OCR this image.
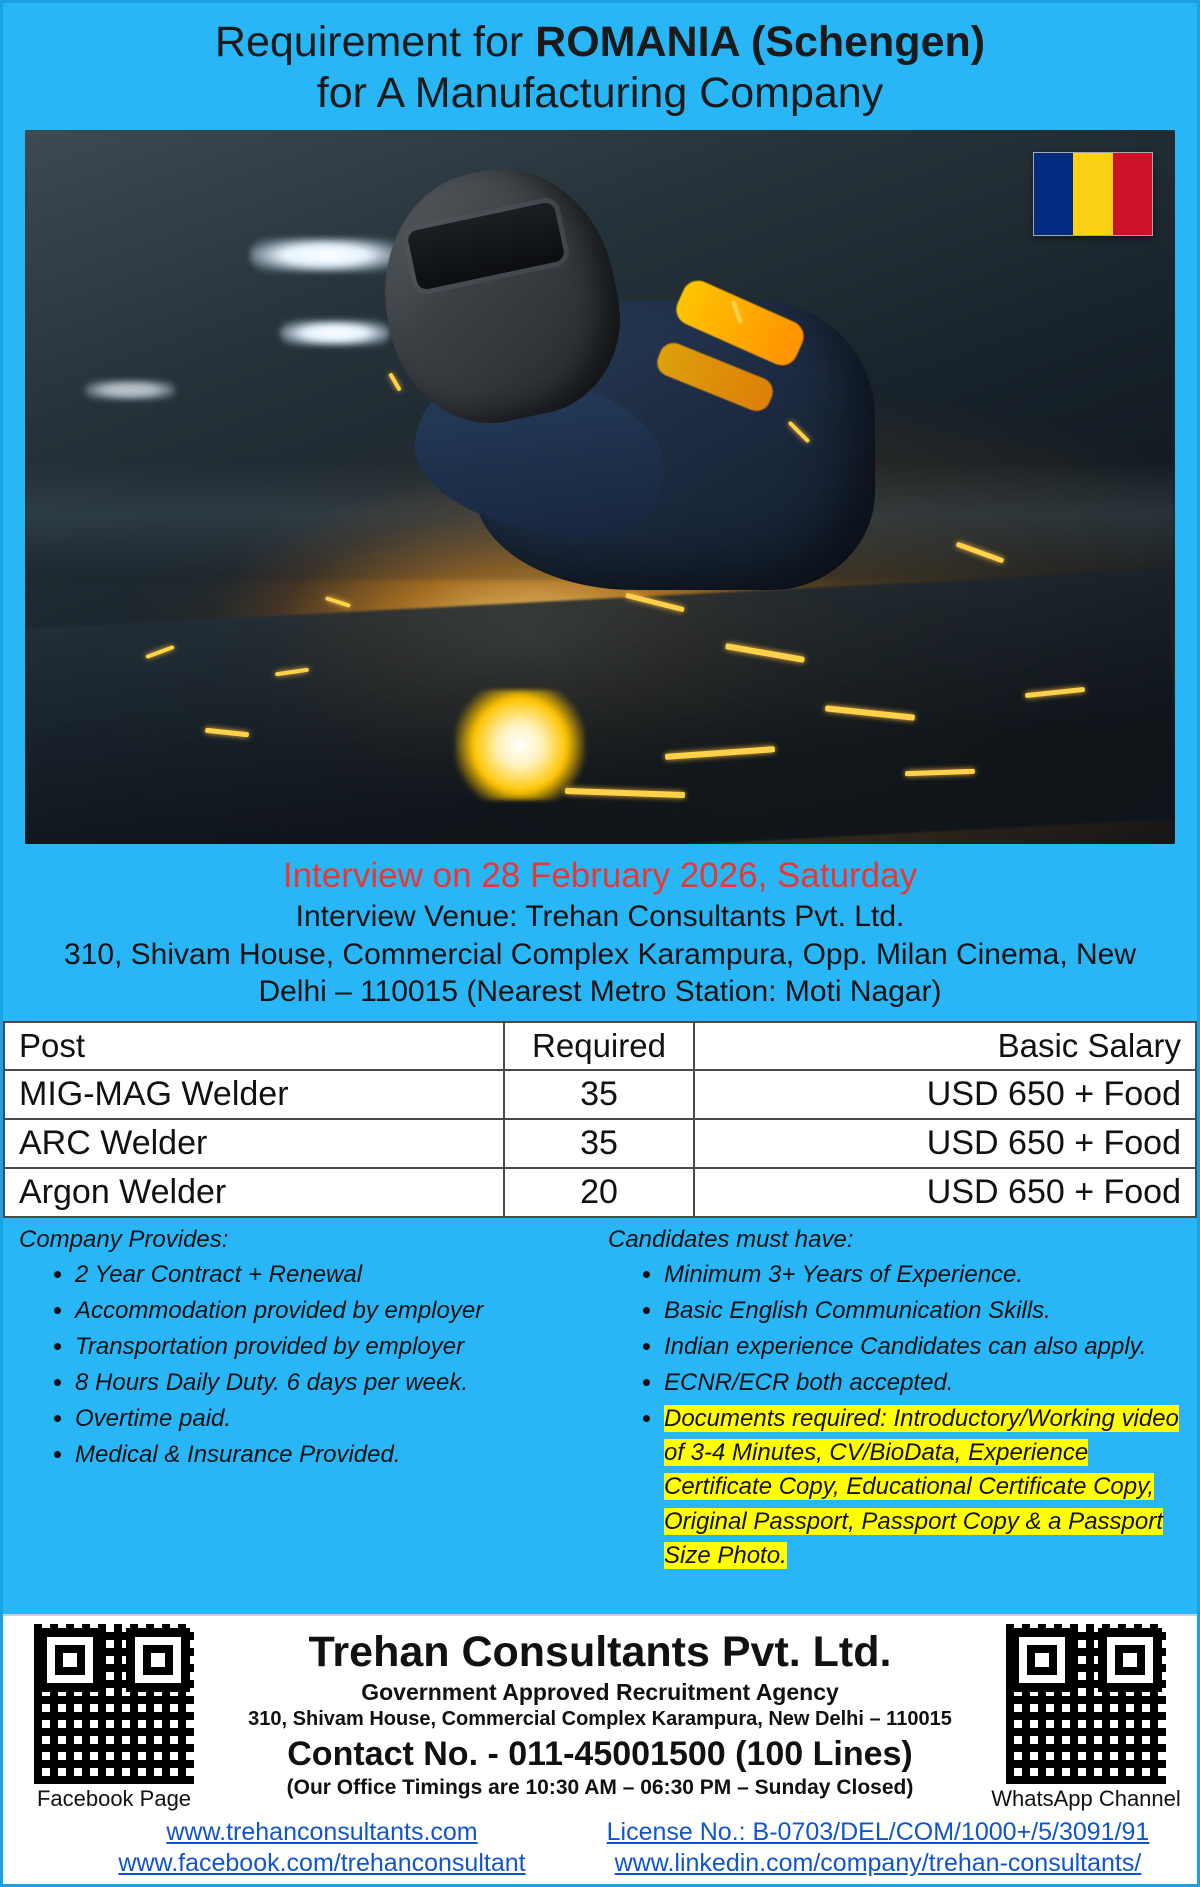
Requirement for ROMANIA (Schengen)
for A Manufacturing Company
Interview on 28 February 2026, Saturday
Interview Venue: Trehan Consultants Pvt. Ltd.
310, Shivam House, Commercial Complex Karampura, Opp. Milan Cinema, New
Delhi – 110015 (Nearest Metro Station: Moti Nagar)
Post	Required	Basic Salary
MIG-MAG Welder	35	USD 650 + Food
ARC Welder	35	USD 650 + Food
Argon Welder	20	USD 650 + Food
Company Provides:
• 2 Year Contract + Renewal
• Accommodation provided by employer
• Transportation provided by employer
• 8 Hours Daily Duty. 6 days per week.
• Overtime paid.
• Medical & Insurance Provided.
Candidates must have:
• Minimum 3+ Years of Experience.
• Basic English Communication Skills.
• Indian experience Candidates can also apply.
• ECNR/ECR both accepted.
• Documents required: Introductory/Working video of 3-4 Minutes, CV/BioData, Experience Certificate Copy, Educational Certificate Copy, Original Passport, Passport Copy & a Passport Size Photo.
Facebook Page
Trehan Consultants Pvt. Ltd.
Government Approved Recruitment Agency
310, Shivam House, Commercial Complex Karampura, New Delhi – 110015
Contact No. - 011-45001500 (100 Lines)
(Our Office Timings are 10:30 AM – 06:30 PM – Sunday Closed)	WhatsApp Channel
www.trehanconsultants.com	License No.: B-0703/DEL/COM/1000+/5/3091/91
www.facebook.com/trehanconsultant	www.linkedin.com/company/trehan-consultants/
